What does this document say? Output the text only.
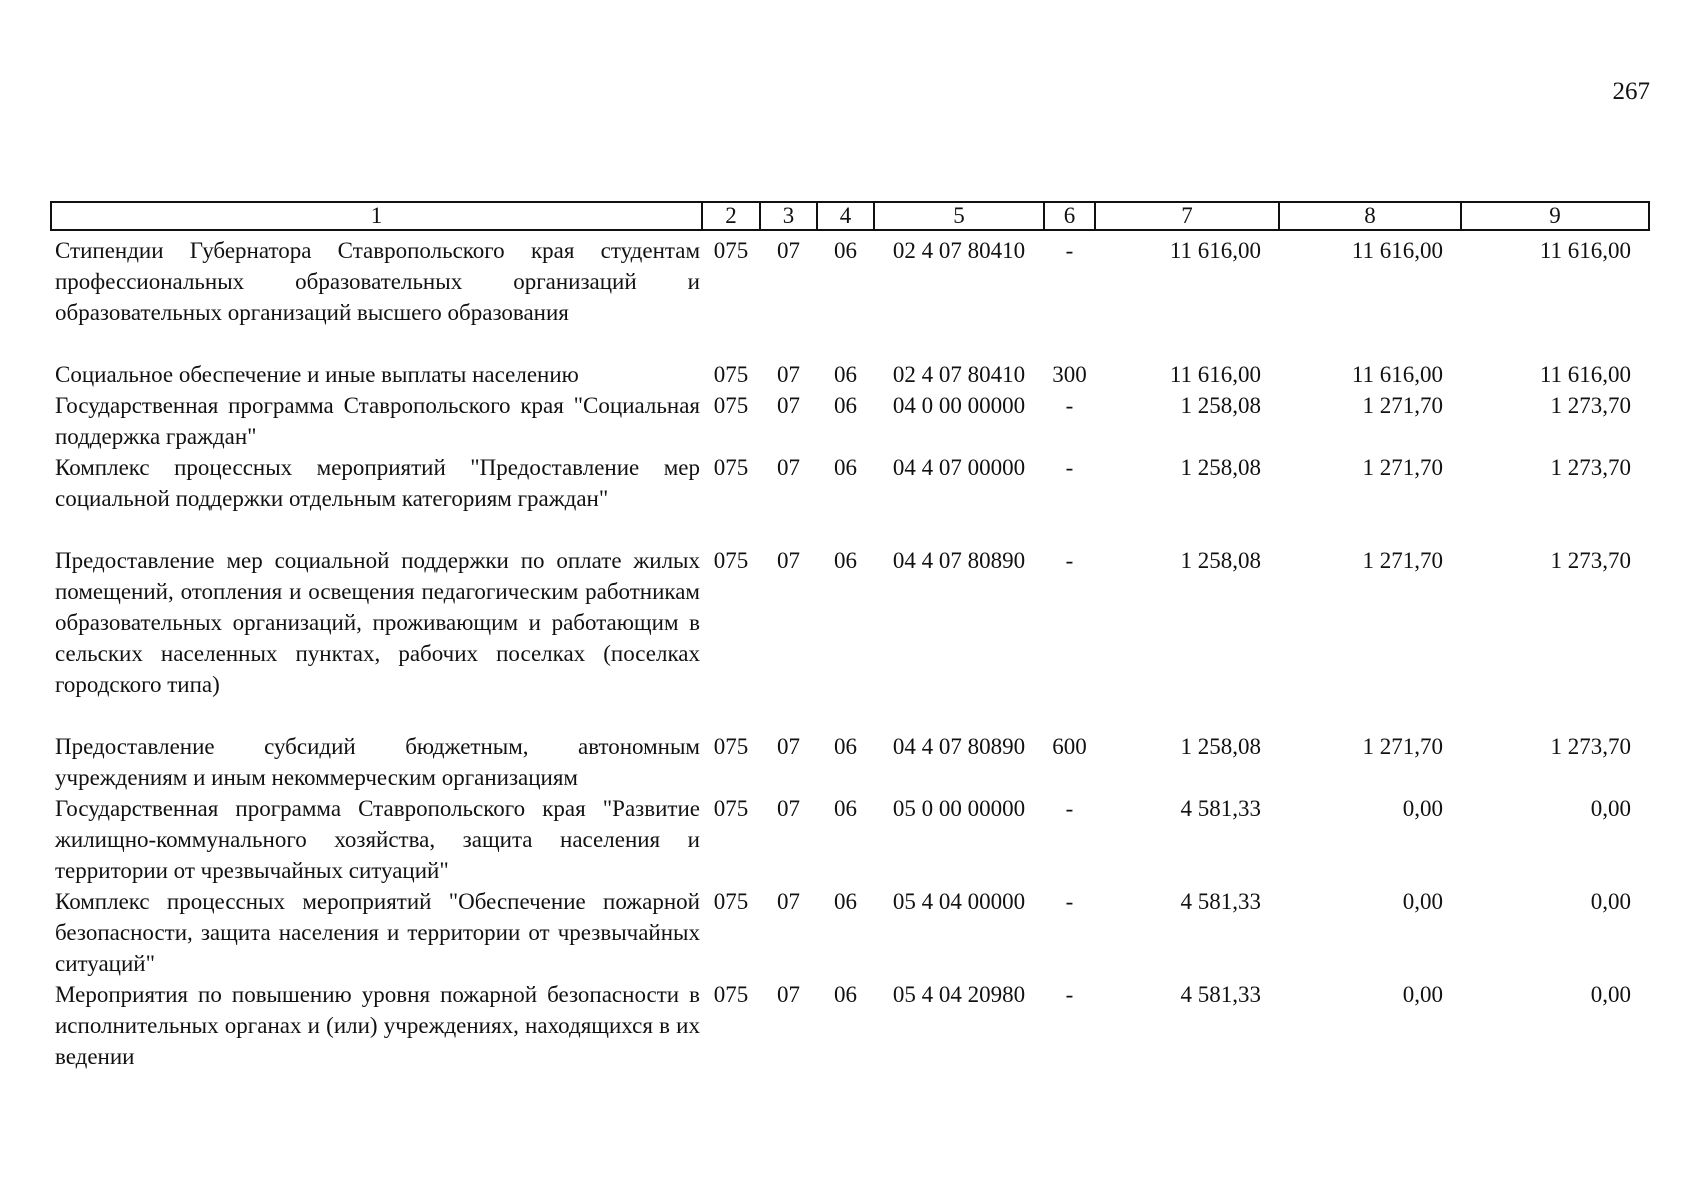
267
1	2	3	4	5	6	7	8	9

Стипендии Губернатора Ставропольского края студентам профессиональных образовательных организаций и образовательных организаций высшего образования	075	07	06	02 4 07 80410	-	11 616,00	11 616,00	11 616,00
Социальное обеспечение и иные выплаты населению	075	07	06	02 4 07 80410	300	11 616,00	11 616,00	11 616,00
Государственная программа Ставропольского края "Социальная поддержка граждан"	075	07	06	04 0 00 00000	-	1 258,08	1 271,70	1 273,70
Комплекс процессных мероприятий "Предоставление мер социальной поддержки отдельным категориям граждан"	075	07	06	04 4 07 00000	-	1 258,08	1 271,70	1 273,70
Предоставление мер социальной поддержки по оплате жилых помещений, отопления и освещения педагогическим работникам образовательных организаций, проживающим и работающим в сельских населенных пунктах, рабочих поселках (поселках городского типа)	075	07	06	04 4 07 80890	-	1 258,08	1 271,70	1 273,70
Предоставление субсидий бюджетным, автономным учреждениям и иным некоммерческим организациям	075	07	06	04 4 07 80890	600	1 258,08	1 271,70	1 273,70
Государственная программа Ставропольского края "Развитие жилищно-коммунального хозяйства, защита населения и территории от чрезвычайных ситуаций"	075	07	06	05 0 00 00000	-	4 581,33	0,00	0,00
Комплекс процессных мероприятий "Обеспечение пожарной безопасности, защита населения и территории от чрезвычайных ситуаций"	075	07	06	05 4 04 00000	-	4 581,33	0,00	0,00
Мероприятия по повышению уровня пожарной безопасности в исполнительных органах и (или) учреждениях, находящихся в их ведении	075	07	06	05 4 04 20980	-	4 581,33	0,00	0,00
